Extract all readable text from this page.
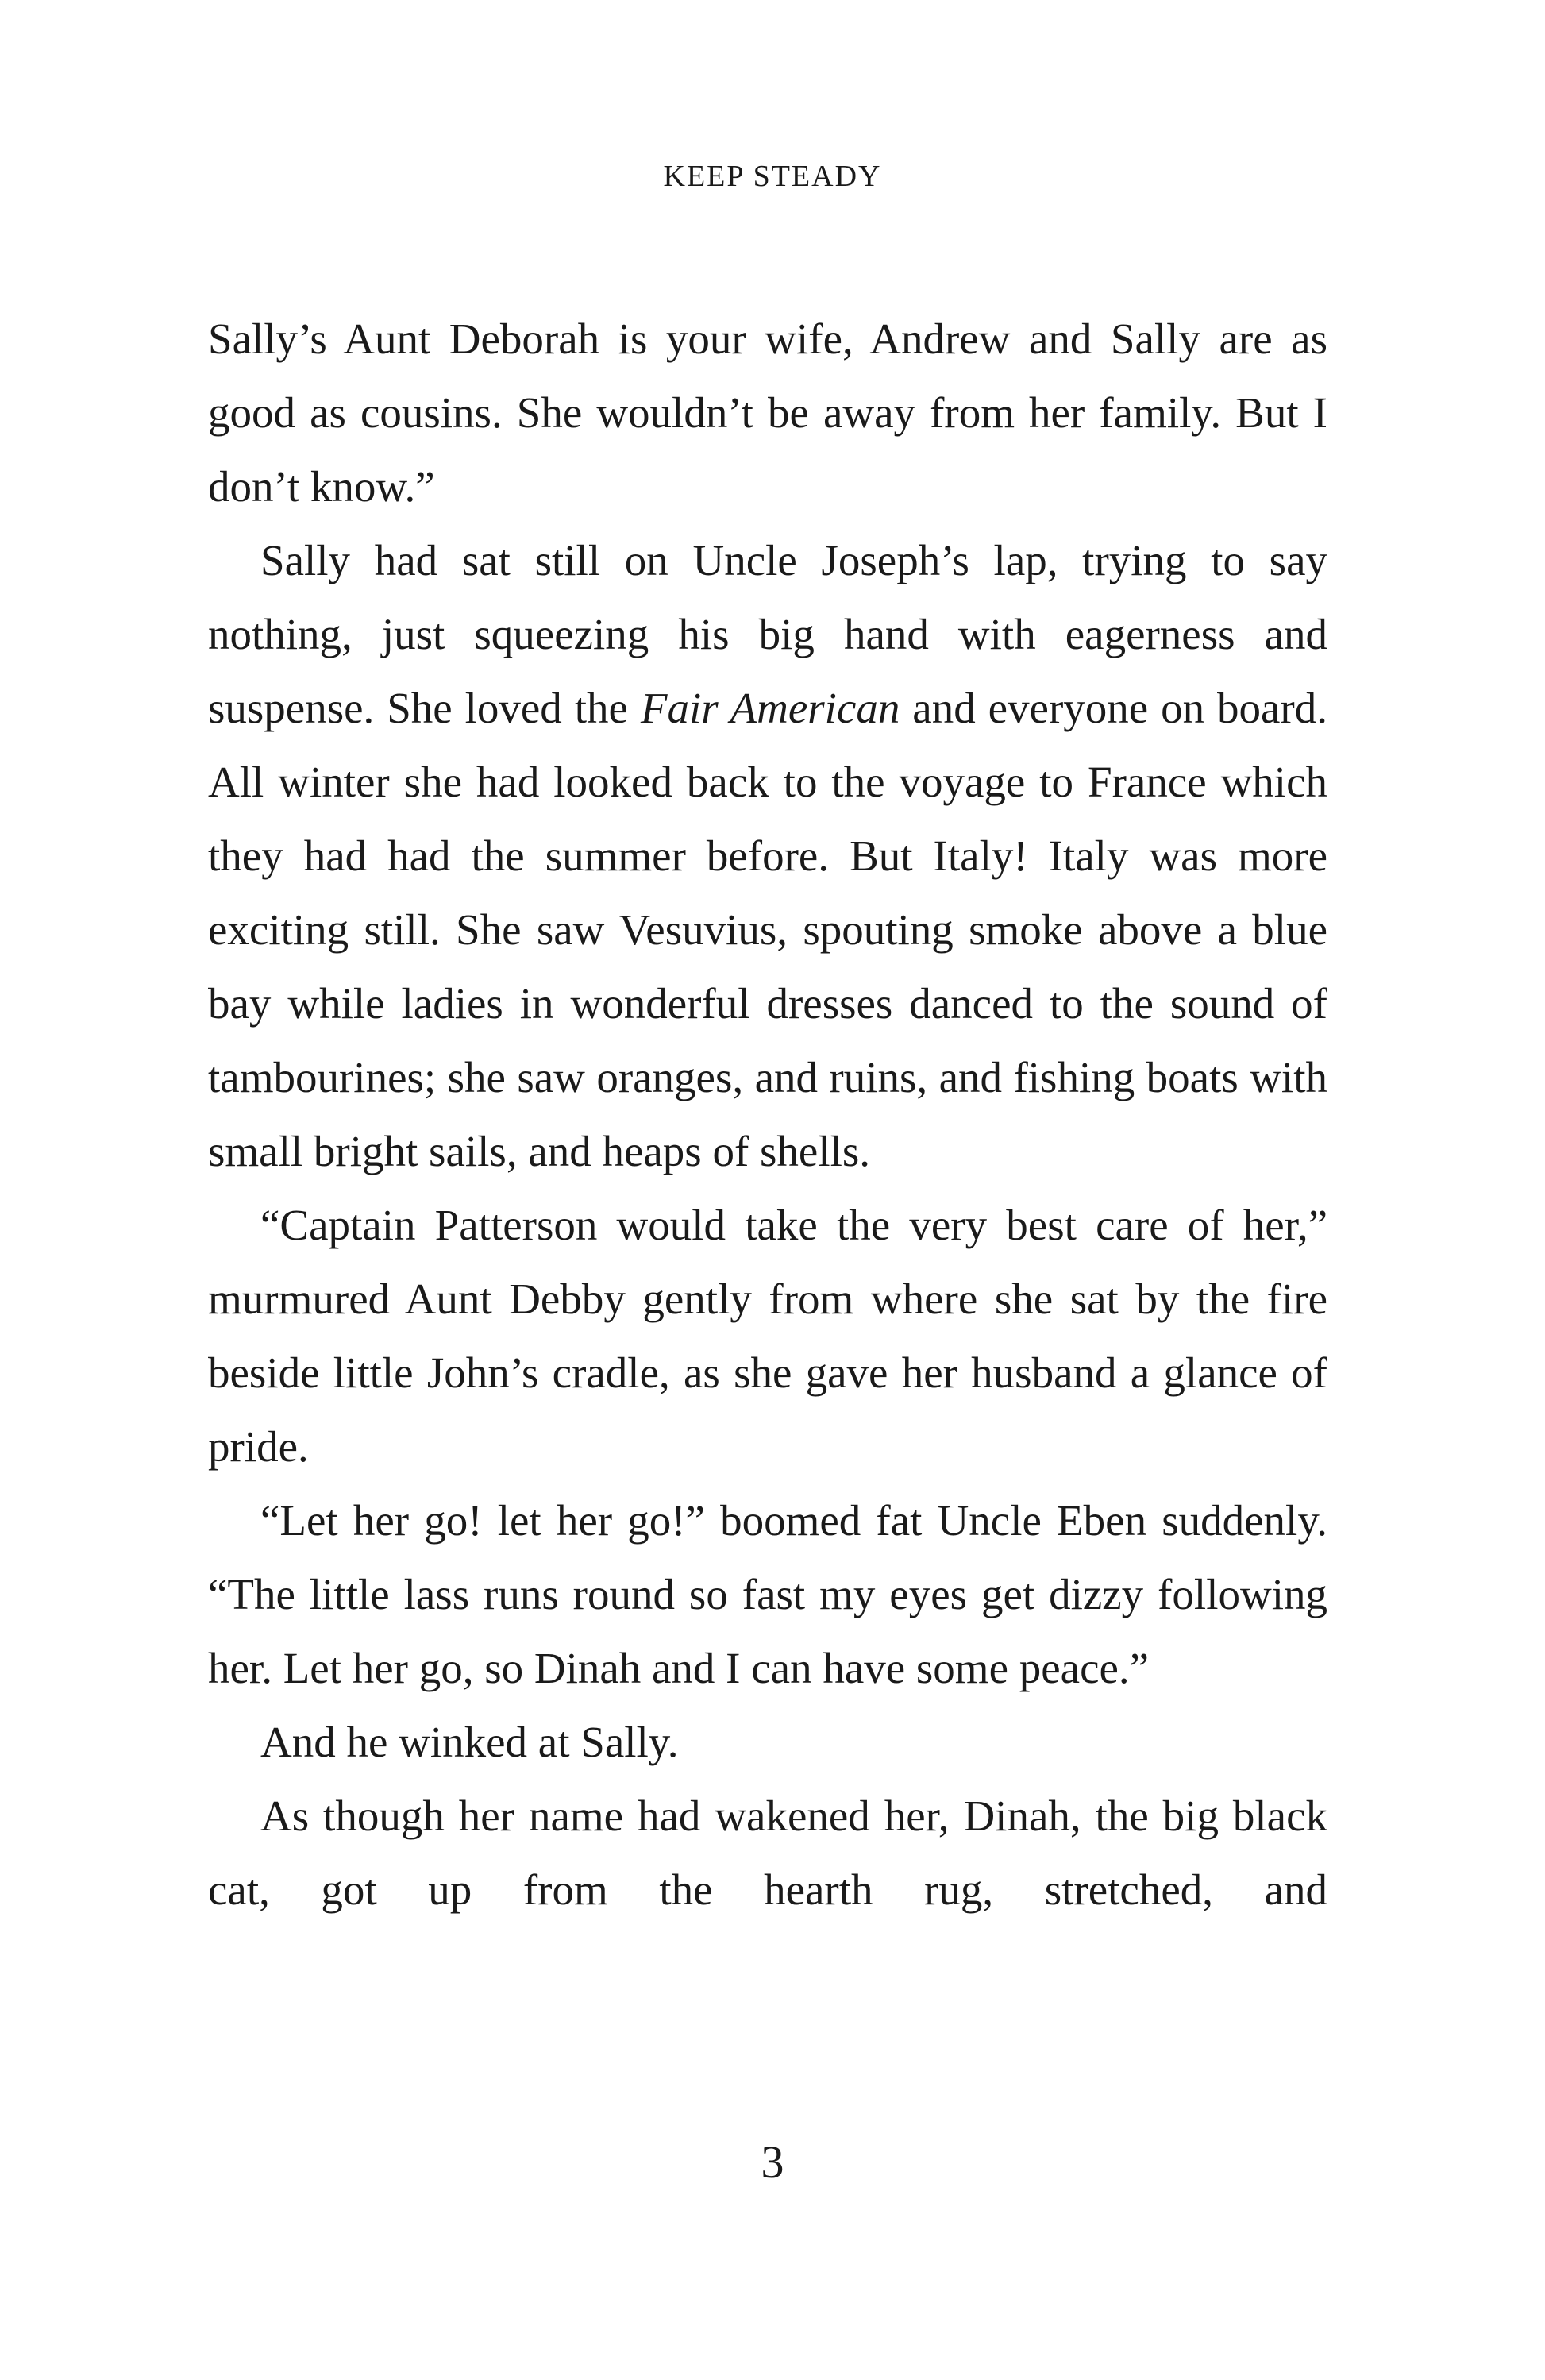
KEEP STEADY

Sally’s Aunt Deborah is your wife, Andrew and Sally are as good as cousins. She wouldn’t be away from her family. But I don’t know.”

Sally had sat still on Uncle Joseph’s lap, trying to say nothing, just squeezing his big hand with eagerness and suspense. She loved the Fair American and everyone on board. All winter she had looked back to the voyage to France which they had had the summer before. But Italy! Italy was more exciting still. She saw Vesuvius, spouting smoke above a blue bay while ladies in wonderful dresses danced to the sound of tambourines; she saw oranges, and ruins, and fishing boats with small bright sails, and heaps of shells.

“Captain Patterson would take the very best care of her,” murmured Aunt Debby gently from where she sat by the fire beside little John’s cradle, as she gave her husband a glance of pride.

“Let her go! let her go!” boomed fat Uncle Eben suddenly. “The little lass runs round so fast my eyes get dizzy following her. Let her go, so Dinah and I can have some peace.”

And he winked at Sally.

As though her name had wakened her, Dinah, the big black cat, got up from the hearth rug, stretched, and

3
